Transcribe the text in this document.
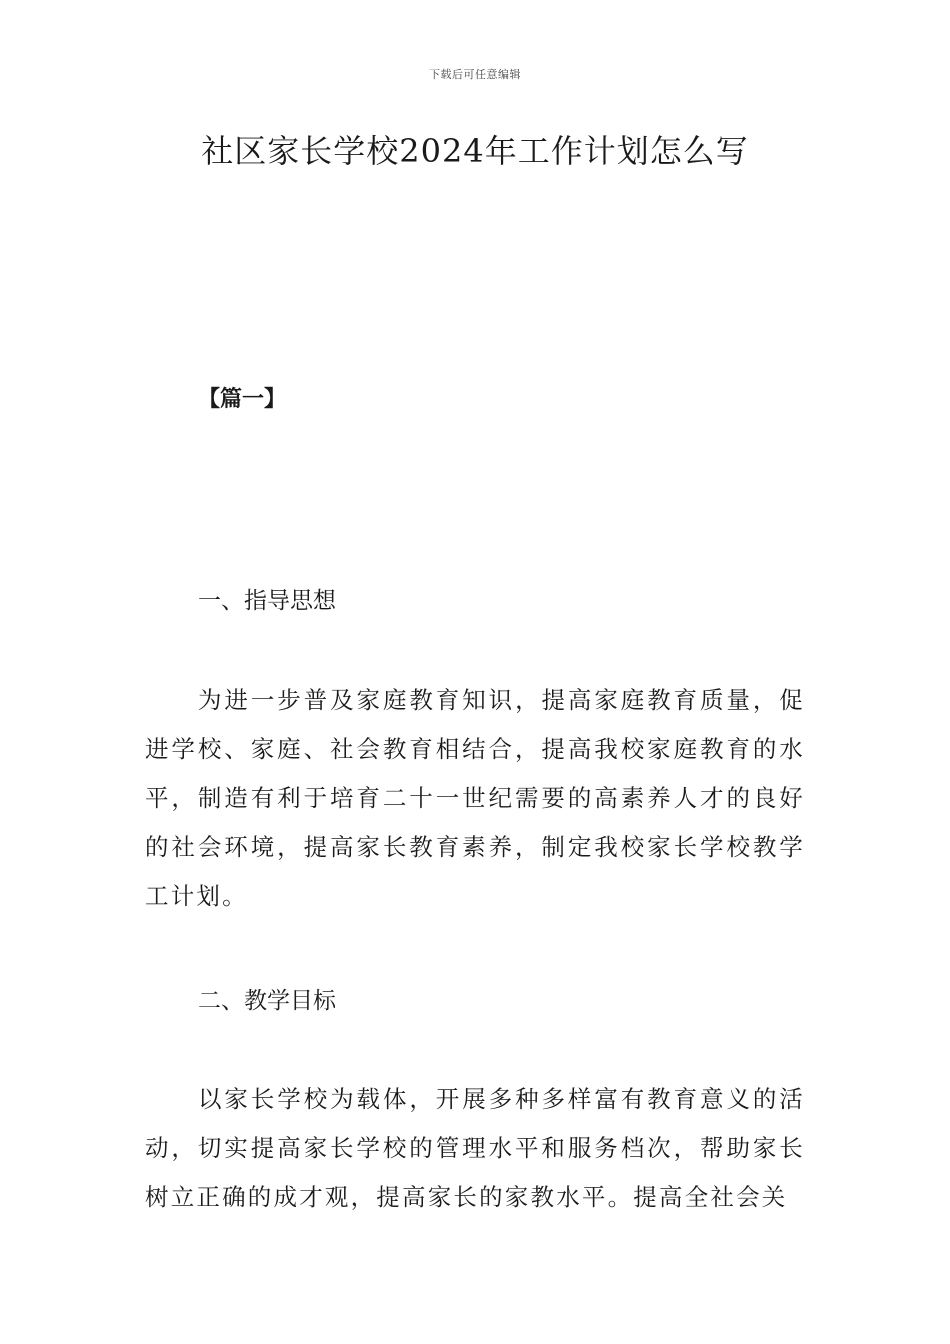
下载后可任意编辑
社区家长学校2024年工作计划怎么写
【篇一】
一、指导思想

为进一步普及家庭教育知识，提高家庭教育质量，促进学校、家庭、社会教育相结合，提高我校家庭教育的水平，制造有利于培育二十一世纪需要的高素养人才的良好的社会环境，提高家长教育素养，制定我校家长学校教学工计划。

二、教学目标

以家长学校为载体，开展多种多样富有教育意义的活动，切实提高家长学校的管理水平和服务档次，帮助家长树立正确的成才观，提高家长的家教水平。提高全社会关
